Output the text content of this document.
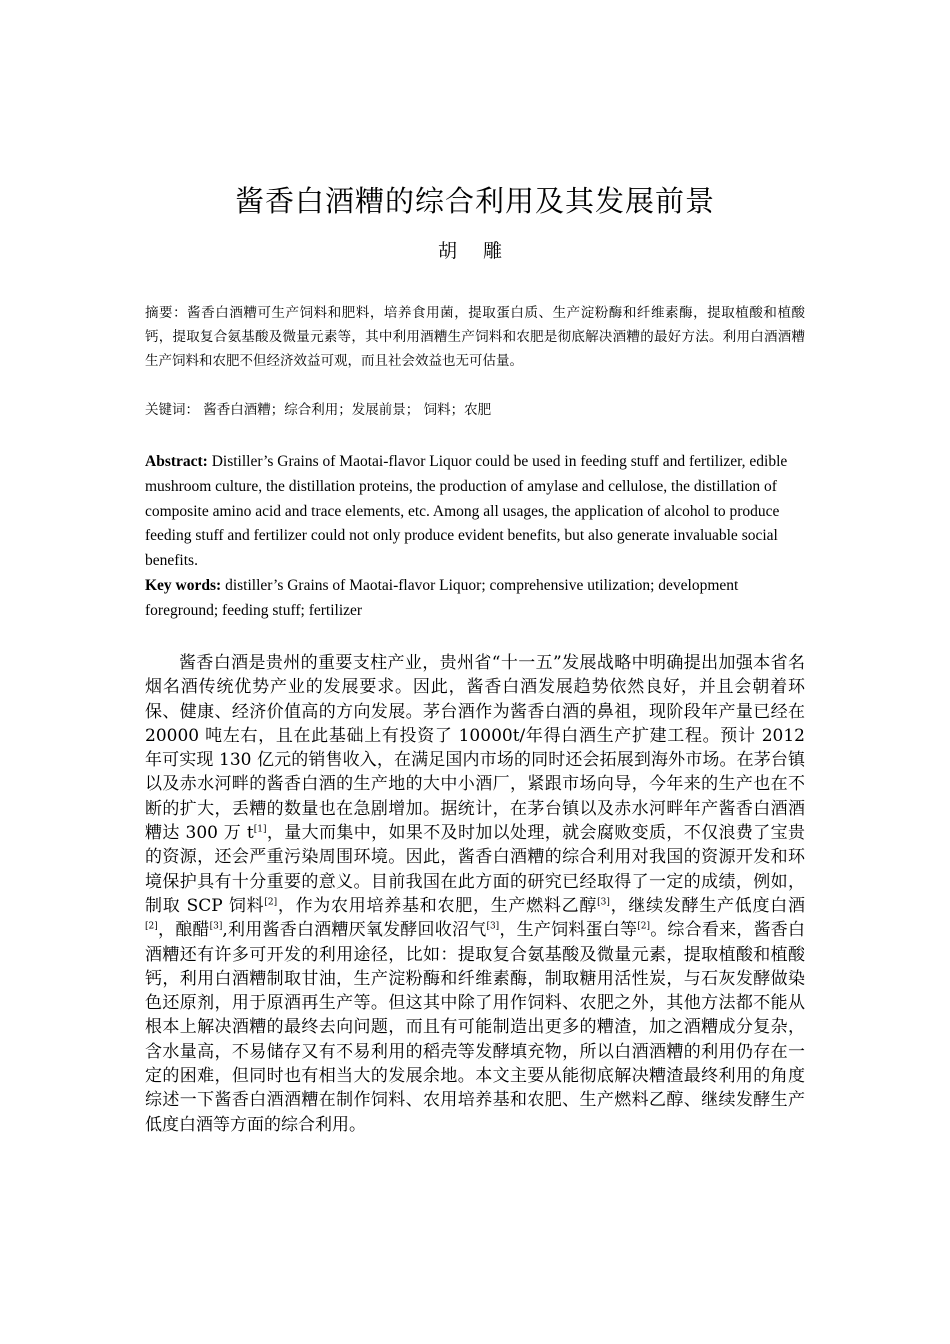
酱香白酒糟的综合利用及其发展前景
胡 雕
摘要：酱香白酒糟可生产饲料和肥料，培养食用菌，提取蛋白质、生产淀粉酶和纤维素酶，提取植酸和植酸钙，提取复合氨基酸及微量元素等，其中利用酒糟生产饲料和农肥是彻底解决酒糟的最好方法。利用白酒酒糟生产饲料和农肥不但经济效益可观，而且社会效益也无可估量。
关键词： 酱香白酒糟；综合利用；发展前景； 饲料；农肥
Abstract: Distiller’s Grains of Maotai-flavor Liquor could be used in feeding stuff and fertilizer, edible mushroom culture, the distillation proteins, the production of amylase and cellulose, the distillation of composite amino acid and trace elements, etc. Among all usages, the application of alcohol to produce feeding stuff and fertilizer could not only produce evident benefits, but also generate invaluable social benefits.
Key words: distiller’s Grains of Maotai-flavor Liquor; comprehensive utilization; development foreground; feeding stuff; fertilizer
酱香白酒是贵州的重要支柱产业，贵州省“十一五”发展战略中明确提出加强本省名烟名酒传统优势产业的发展要求。因此，酱香白酒发展趋势依然良好，并且会朝着环保、健康、经济价值高的方向发展。茅台酒作为酱香白酒的鼻祖，现阶段年产量已经在 20000 吨左右，且在此基础上有投资了 10000t/年得白酒生产扩建工程。预计 2012 年可实现 130 亿元的销售收入，在满足国内市场的同时还会拓展到海外市场。在茅台镇以及赤水河畔的酱香白酒的生产地的大中小酒厂，紧跟市场向导，今年来的生产也在不断的扩大，丢糟的数量也在急剧增加。据统计，在茅台镇以及赤水河畔年产酱香白酒酒糟达 300 万 t[1]，量大而集中，如果不及时加以处理，就会腐败变质，不仅浪费了宝贵的资源，还会严重污染周围环境。因此，酱香白酒糟的综合利用对我国的资源开发和环境保护具有十分重要的意义。目前我国在此方面的研究已经取得了一定的成绩，例如，制取 SCP 饲料[2]，作为农用培养基和农肥，生产燃料乙醇[3]，继续发酵生产低度白酒[2]，酿醋[3],利用酱香白酒糟厌氧发酵回收沼气[3]，生产饲料蛋白等[2]。综合看来，酱香白酒糟还有许多可开发的利用途径，比如：提取复合氨基酸及微量元素，提取植酸和植酸钙，利用白酒糟制取甘油，生产淀粉酶和纤维素酶，制取糖用活性炭，与石灰发酵做染色还原剂，用于原酒再生产等。但这其中除了用作饲料、农肥之外，其他方法都不能从根本上解决酒糟的最终去向问题，而且有可能制造出更多的糟渣，加之酒糟成分复杂，含水量高，不易储存又有不易利用的稻壳等发酵填充物，所以白酒酒糟的利用仍存在一定的困难，但同时也有相当大的发展余地。本文主要从能彻底解决糟渣最终利用的角度综述一下酱香白酒酒糟在制作饲料、农用培养基和农肥、生产燃料乙醇、继续发酵生产低度白酒等方面的综合利用。
